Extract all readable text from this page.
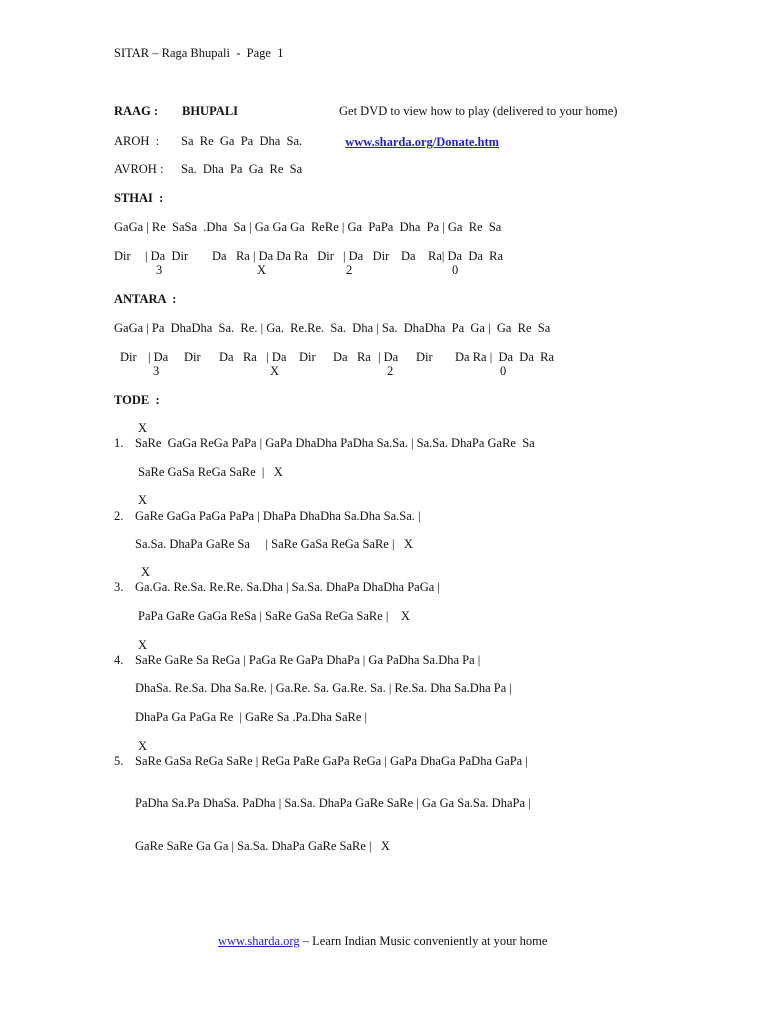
SITAR – Raga Bhupali  -  Page  1
RAAG : BHUPALI	Get DVD to view how to play (delivered to your home)

www.sharda.org/Donate.htm

AROH  : Sa  Re  Ga  Pa  Dha  Sa.
AVROH : Sa.  Dha  Pa  Ga  Re  Sa
STHAI  :
GaGa | Re  SaSa  .Dha  Sa | Ga Ga Ga  ReRe | Ga  PaPa  Dha  Pa | Ga  Re  Sa
Dir | Da  Dir Da   Ra | Da Da Ra   Dir | Da   Dir Da Ra| Da  Da  Ra
3	X	2	0
ANTARA  :
GaGa | Pa  DhaDha  Sa.  Re. | Ga.  Re.Re.  Sa.  Dha | Sa.  DhaDha  Pa  Ga |  Ga  Re  Sa
Dir | Da Dir Da   Ra   | Da Dir Da   Ra | Da Dir Da Ra |  Da  Da  Ra
3	X	2	0
TODE  :
X
1. SaRe  GaGa ReGa PaPa | GaPa DhaDha PaDha Sa.Sa. | Sa.Sa. DhaPa GaRe  Sa
SaRe GaSa ReGa SaRe  |   X
X
2. GaRe GaGa PaGa PaPa | DhaPa DhaDha Sa.Dha Sa.Sa. |
Sa.Sa. DhaPa GaRe Sa     | SaRe GaSa ReGa SaRe |   X
X
3. Ga.Ga. Re.Sa. Re.Re. Sa.Dha | Sa.Sa. DhaPa DhaDha PaGa |
PaPa GaRe GaGa ReSa | SaRe GaSa ReGa SaRe |    X
X
4. SaRe GaRe Sa ReGa | PaGa Re GaPa DhaPa | Ga PaDha Sa.Dha Pa |
DhaSa. Re.Sa. Dha Sa.Re. | Ga.Re. Sa. Ga.Re. Sa. | Re.Sa. Dha Sa.Dha Pa |
DhaPa Ga PaGa Re  | GaRe Sa .Pa.Dha SaRe |
X
5. SaRe GaSa ReGa SaRe | ReGa PaRe GaPa ReGa | GaPa DhaGa PaDha GaPa |
PaDha Sa.Pa DhaSa. PaDha | Sa.Sa. DhaPa GaRe SaRe | Ga Ga Sa.Sa. DhaPa |
GaRe SaRe Ga Ga | Sa.Sa. DhaPa GaRe SaRe |   X
www.sharda.org – Learn Indian Music conveniently at your home
